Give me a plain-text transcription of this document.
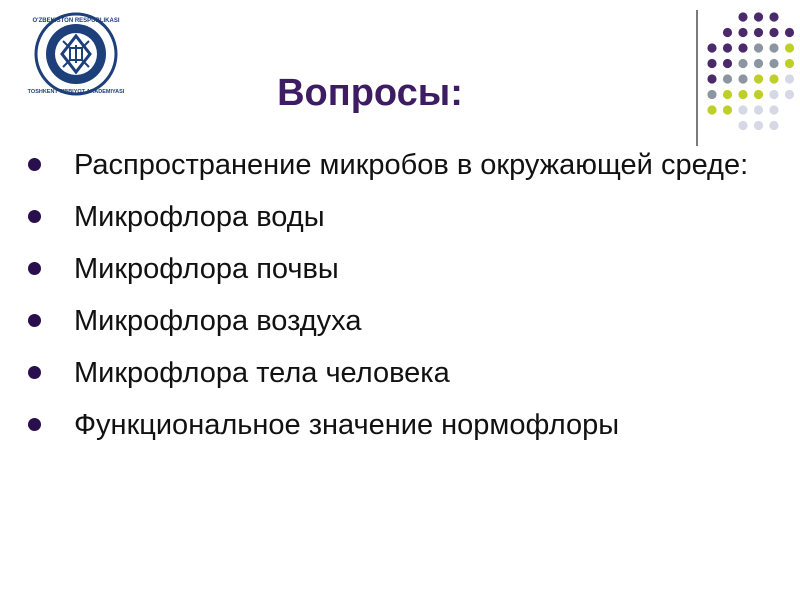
O'ZBEKISTON RESPUBLIKASI
TOSHKENT TIBBIYOT AKADEMIYASI	Вопросы:
Распространение микробов в окружающей среде:
Микрофлора воды
Микрофлора почвы
Микрофлора воздуха
Микрофлора тела человека
Функциональное значение нормофлоры
